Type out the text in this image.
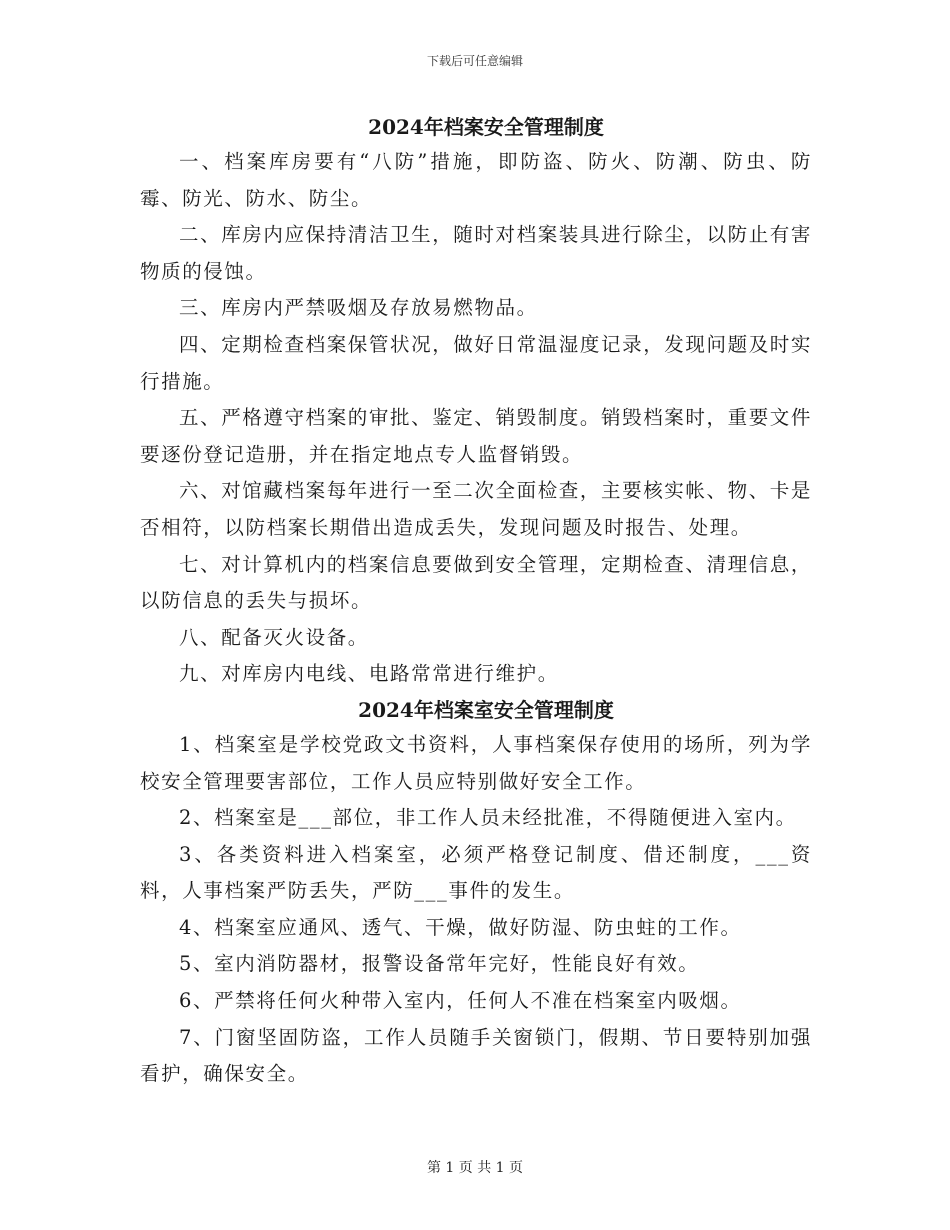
下载后可任意编辑
2024年档案安全管理制度

一、档案库房要有“八防”措施，即防盗、防火、防潮、防虫、防霉、防光、防水、防尘。

二、库房内应保持清洁卫生，随时对档案装具进行除尘，以防止有害物质的侵蚀。

三、库房内严禁吸烟及存放易燃物品。

四、定期检查档案保管状况，做好日常温湿度记录，发现问题及时实行措施。

五、严格遵守档案的审批、鉴定、销毁制度。销毁档案时，重要文件要逐份登记造册，并在指定地点专人监督销毁。

六、对馆藏档案每年进行一至二次全面检查，主要核实帐、物、卡是否相符，以防档案长期借出造成丢失，发现问题及时报告、处理。

七、对计算机内的档案信息要做到安全管理，定期检查、清理信息，以防信息的丢失与损坏。

八、配备灭火设备。

九、对库房内电线、电路常常进行维护。

2024年档案室安全管理制度

1、档案室是学校党政文书资料，人事档案保存使用的场所，列为学校安全管理要害部位，工作人员应特别做好安全工作。

2、档案室是___部位，非工作人员未经批准，不得随便进入室内。

3、各类资料进入档案室，必须严格登记制度、借还制度，___资料，人事档案严防丢失，严防___事件的发生。

4、档案室应通风、透气、干燥，做好防湿、防虫蛀的工作。

5、室内消防器材，报警设备常年完好，性能良好有效。

6、严禁将任何火种带入室内，任何人不准在档案室内吸烟。

7、门窗坚固防盗，工作人员随手关窗锁门，假期、节日要特别加强看护，确保安全。

第 1 页 共 1 页
